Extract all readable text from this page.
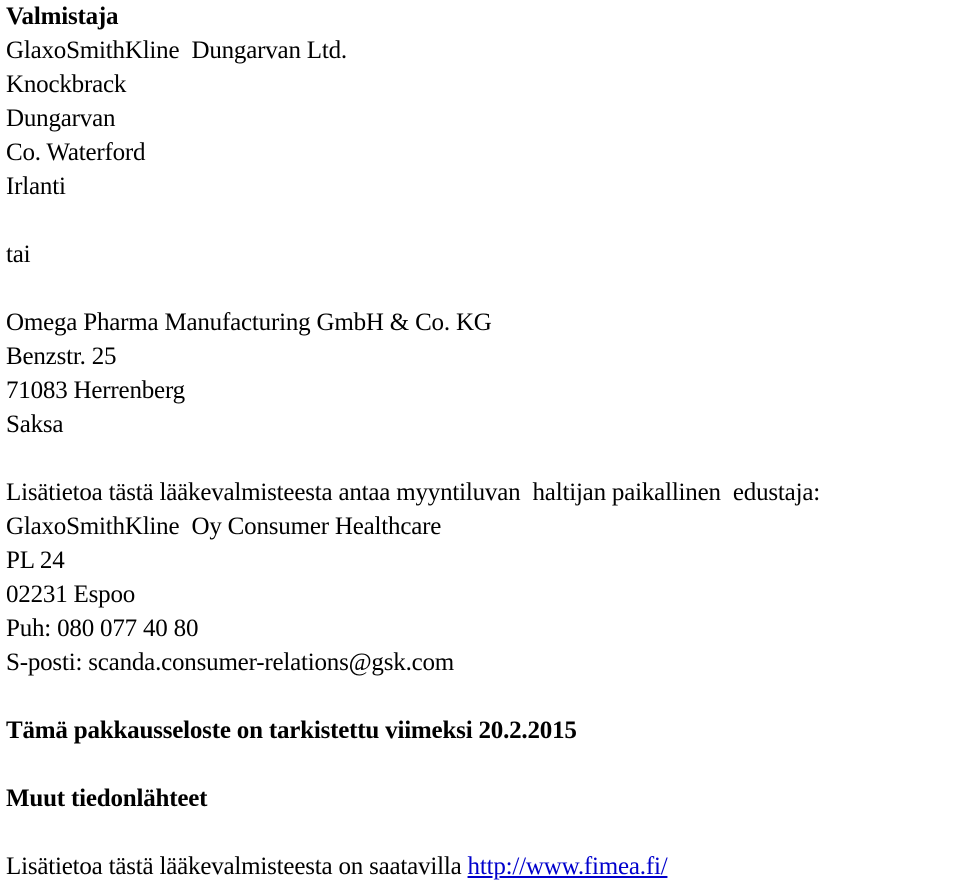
Valmistaja
GlaxoSmithKline  Dungarvan Ltd.
Knockbrack
Dungarvan
Co. Waterford
Irlanti
tai
Omega Pharma Manufacturing GmbH & Co. KG
Benzstr. 25
71083 Herrenberg
Saksa
Lisätietoa tästä lääkevalmisteesta antaa myyntiluvan  haltijan paikallinen  edustaja:
GlaxoSmithKline  Oy Consumer Healthcare
PL 24
02231 Espoo
Puh: 080 077 40 80
S-posti: scanda.consumer-relations@gsk.com
Tämä pakkausseloste on tarkistettu viimeksi 20.2.2015
Muut tiedonlähteet
Lisätietoa tästä lääkevalmisteesta on saatavilla http://www.fimea.fi/
